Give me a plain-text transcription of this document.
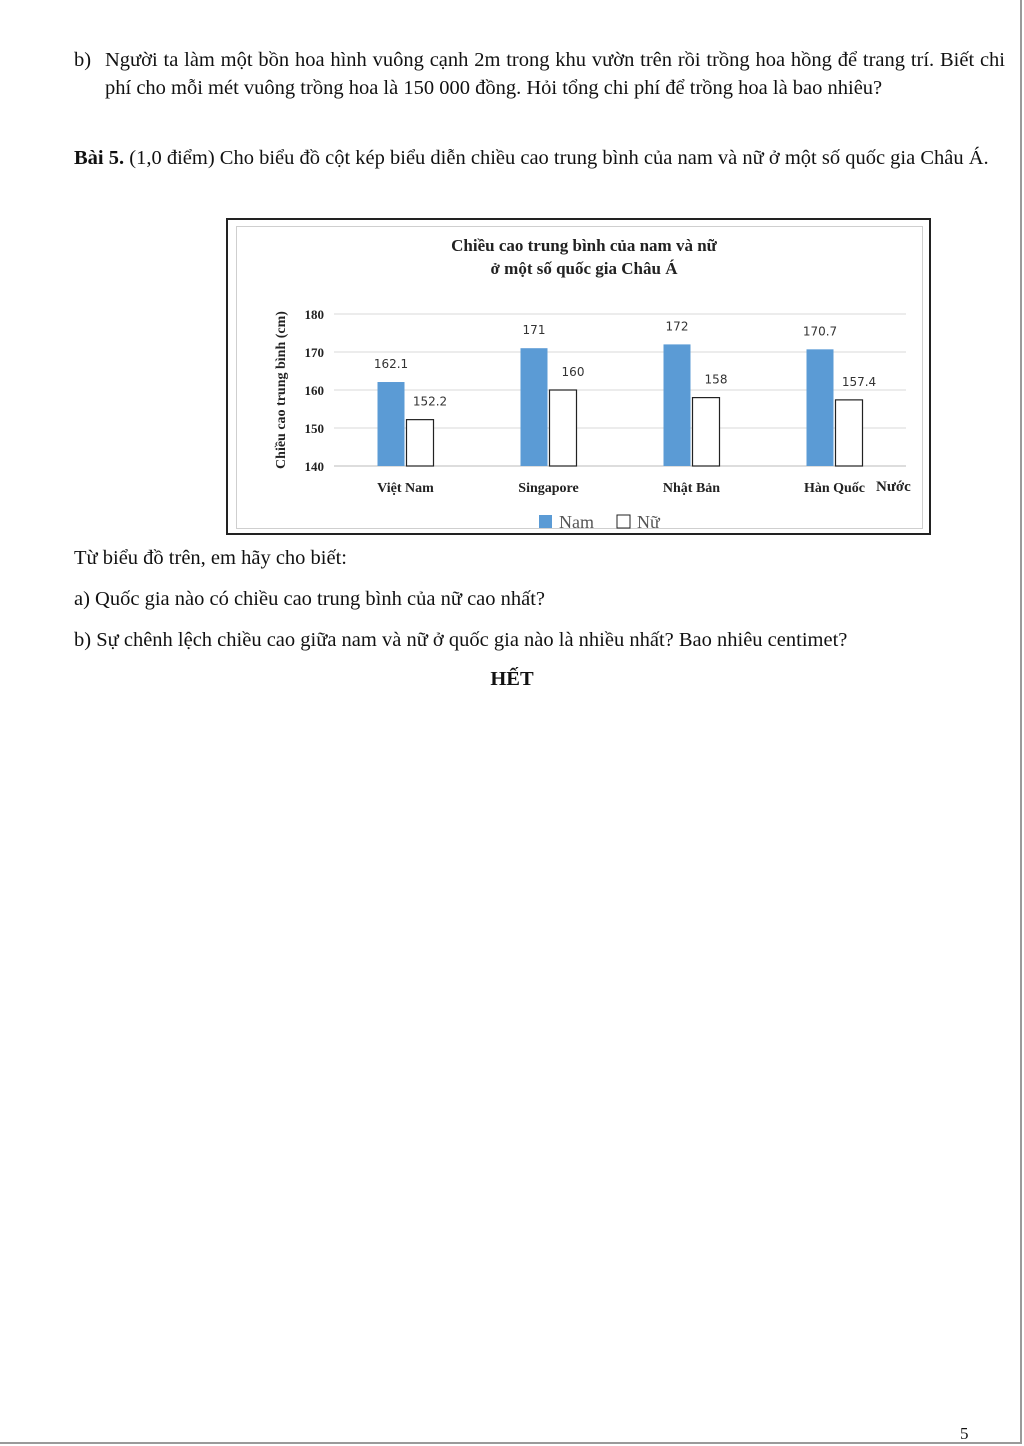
b) Người ta làm một bồn hoa hình vuông cạnh 2m trong khu vườn trên rồi trồng hoa hồng để trang trí. Biết chi phí cho mỗi mét vuông trồng hoa là 150 000 đồng. Hỏi tổng chi phí để trồng hoa là bao nhiêu?

Bài 5. (1,0 điểm) Cho biểu đồ cột kép biểu diễn chiều cao trung bình của nam và nữ ở một số quốc gia Châu Á.

Chiều cao trung bình của nam và nữ
ở một số quốc gia Châu Á
Chiều cao trung bình (cm)
Nước
140
150
160
170
180
162.1
152.2
Việt Nam
171
160
Singapore
172
158
Nhật Bản
170.7
157.4
Hàn Quốc
Nam Nữ

Từ biểu đồ trên, em hãy cho biết:

a) Quốc gia nào có chiều cao trung bình của nữ cao nhất?

b) Sự chênh lệch chiều cao giữa nam và nữ ở quốc gia nào là nhiều nhất? Bao nhiêu centimet?

HẾT
5
